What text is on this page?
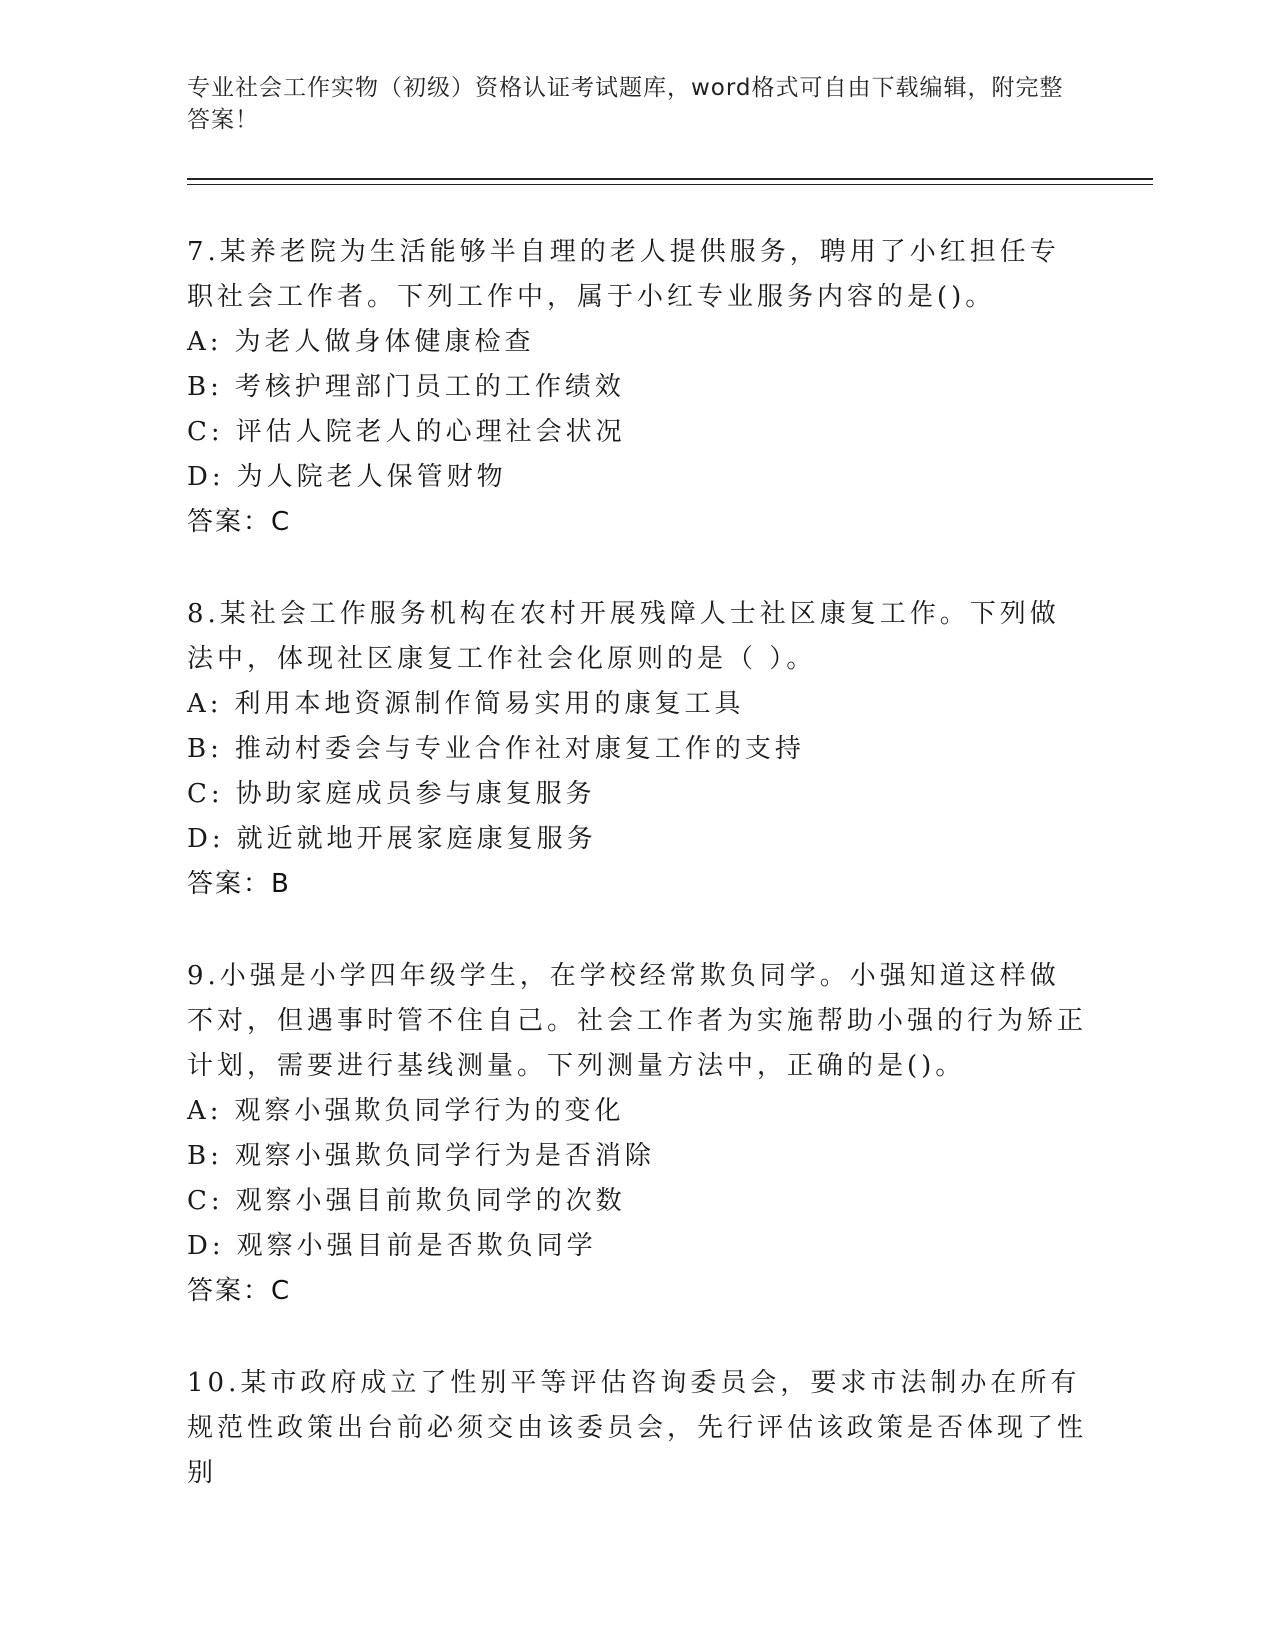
专业社会工作实物（初级）资格认证考试题库，word格式可自由下载编辑，附完整答案！

7.某养老院为生活能够半自理的老人提供服务，聘用了小红担任专职社会工作者。下列工作中，属于小红专业服务内容的是()。

A: 为老人做身体健康检查
B: 考核护理部门员工的工作绩效
C: 评估人院老人的心理社会状况
D: 为人院老人保管财物
答案：C

8.某社会工作服务机构在农村开展残障人士社区康复工作。下列做法中，体现社区康复工作社会化原则的是（ ）。

A: 利用本地资源制作简易实用的康复工具
B: 推动村委会与专业合作社对康复工作的支持
C: 协助家庭成员参与康复服务
D: 就近就地开展家庭康复服务
答案：B

9.小强是小学四年级学生，在学校经常欺负同学。小强知道这样做不对，但遇事时管不住自己。社会工作者为实施帮助小强的行为矫正计划，需要进行基线测量。下列测量方法中，正确的是()。

A: 观察小强欺负同学行为的变化
B: 观察小强欺负同学行为是否消除
C: 观察小强目前欺负同学的次数
D: 观察小强目前是否欺负同学
答案：C

10.某市政府成立了性别平等评估咨询委员会，要求市法制办在所有规范性政策出台前必须交由该委员会，先行评估该政策是否体现了性别
